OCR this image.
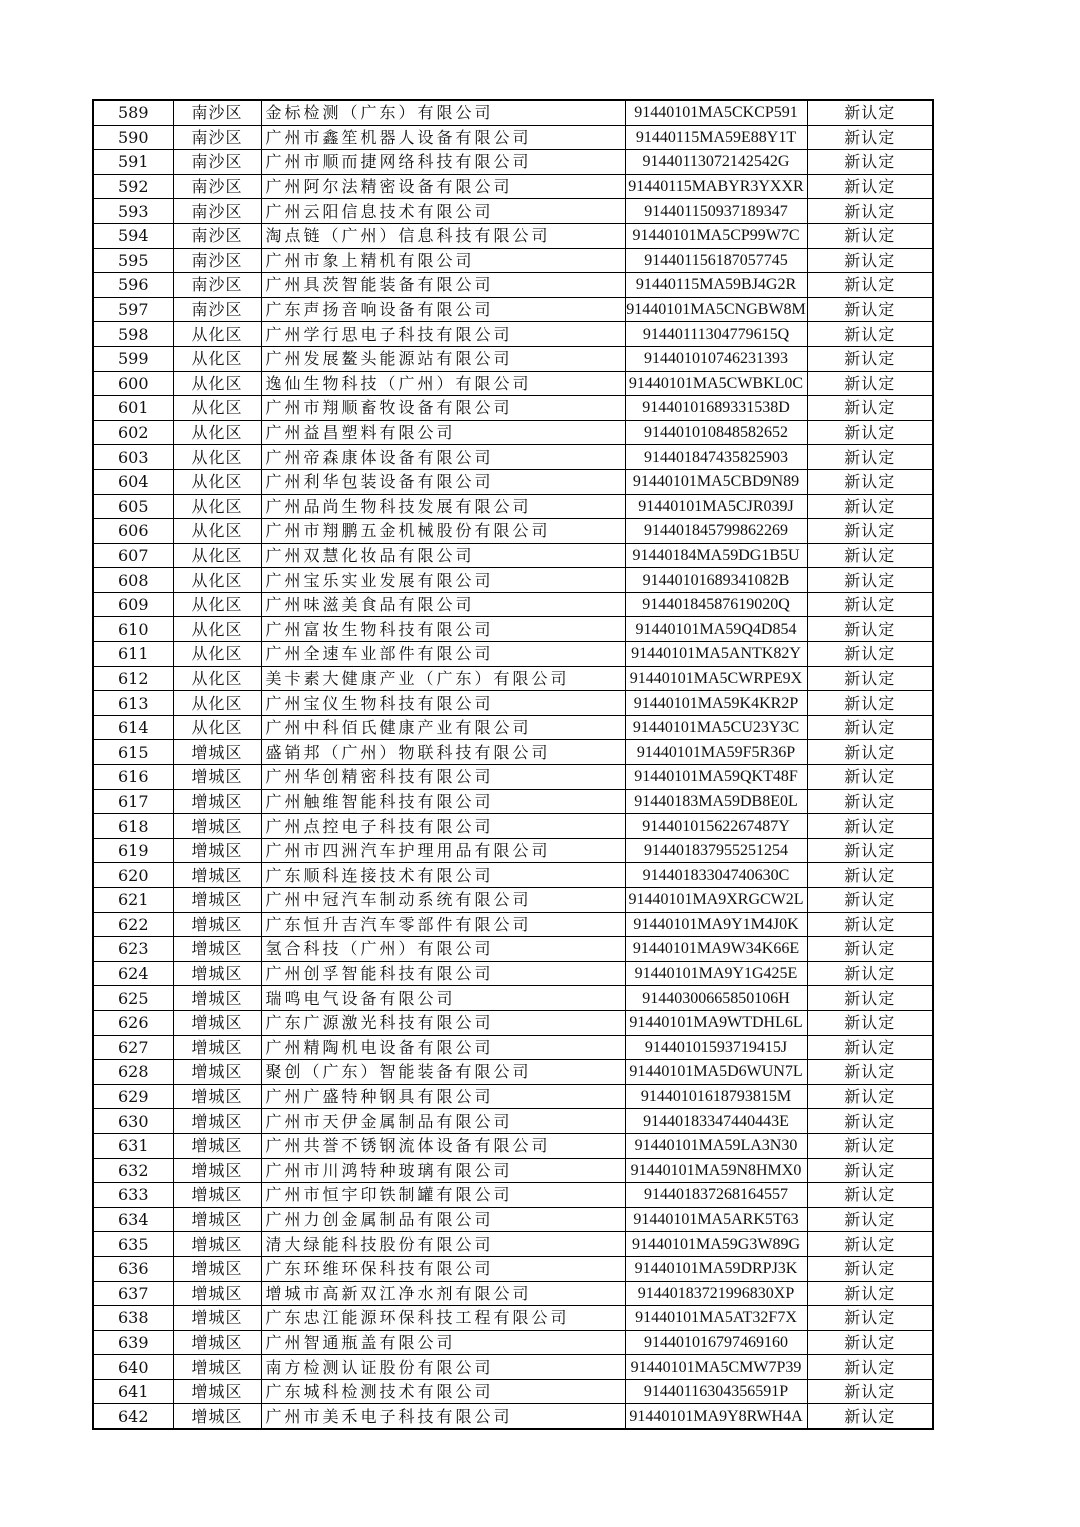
589	南沙区	金标检测（广东）有限公司	91440101MA5CKCP591	新认定
590	南沙区	广州市鑫笙机器人设备有限公司	91440115MA59E88Y1T	新认定
591	南沙区	广州市顺而捷网络科技有限公司	91440113072142542G	新认定
592	南沙区	广州阿尔法精密设备有限公司	91440115MABYR3YXXR	新认定
593	南沙区	广州云阳信息技术有限公司	914401150937189347	新认定
594	南沙区	淘点链（广州）信息科技有限公司	91440101MA5CP99W7C	新认定
595	南沙区	广州市象上精机有限公司	914401156187057745	新认定
596	南沙区	广州具茨智能装备有限公司	91440115MA59BJ4G2R	新认定
597	南沙区	广东声扬音响设备有限公司	91440101MA5CNGBW8M	新认定
598	从化区	广州学行思电子科技有限公司	91440111304779615Q	新认定
599	从化区	广州发展鳌头能源站有限公司	914401010746231393	新认定
600	从化区	逸仙生物科技（广州）有限公司	91440101MA5CWBKL0C	新认定
601	从化区	广州市翔顺畜牧设备有限公司	91440101689331538D	新认定
602	从化区	广州益昌塑料有限公司	914401010848582652	新认定
603	从化区	广州帝森康体设备有限公司	914401847435825903	新认定
604	从化区	广州利华包装设备有限公司	91440101MA5CBD9N89	新认定
605	从化区	广州品尚生物科技发展有限公司	91440101MA5CJR039J	新认定
606	从化区	广州市翔鹏五金机械股份有限公司	914401845799862269	新认定
607	从化区	广州双慧化妆品有限公司	91440184MA59DG1B5U	新认定
608	从化区	广州宝乐实业发展有限公司	91440101689341082B	新认定
609	从化区	广州味滋美食品有限公司	91440184587619020Q	新认定
610	从化区	广州富妆生物科技有限公司	91440101MA59Q4D854	新认定
611	从化区	广州全速车业部件有限公司	91440101MA5ANTK82Y	新认定
612	从化区	美卡素大健康产业（广东）有限公司	91440101MA5CWRPE9X	新认定
613	从化区	广州宝仪生物科技有限公司	91440101MA59K4KR2P	新认定
614	从化区	广州中科佰氏健康产业有限公司	91440101MA5CU23Y3C	新认定
615	增城区	盛销邦（广州）物联科技有限公司	91440101MA59F5R36P	新认定
616	增城区	广州华创精密科技有限公司	91440101MA59QKT48F	新认定
617	增城区	广州触维智能科技有限公司	91440183MA59DB8E0L	新认定
618	增城区	广州点控电子科技有限公司	91440101562267487Y	新认定
619	增城区	广州市四洲汽车护理用品有限公司	914401837955251254	新认定
620	增城区	广东顺科连接技术有限公司	91440183304740630C	新认定
621	增城区	广州中冠汽车制动系统有限公司	91440101MA9XRGCW2L	新认定
622	增城区	广东恒升吉汽车零部件有限公司	91440101MA9Y1M4J0K	新认定
623	增城区	氢合科技（广州）有限公司	91440101MA9W34K66E	新认定
624	增城区	广州创孚智能科技有限公司	91440101MA9Y1G425E	新认定
625	增城区	瑞鸣电气设备有限公司	91440300665850106H	新认定
626	增城区	广东广源激光科技有限公司	91440101MA9WTDHL6L	新认定
627	增城区	广州精陶机电设备有限公司	91440101593719415J	新认定
628	增城区	聚创（广东）智能装备有限公司	91440101MA5D6WUN7L	新认定
629	增城区	广州广盛特种钢具有限公司	91440101618793815M	新认定
630	增城区	广州市天伊金属制品有限公司	91440183347440443E	新认定
631	增城区	广州共誉不锈钢流体设备有限公司	91440101MA59LA3N30	新认定
632	增城区	广州市川鸿特种玻璃有限公司	91440101MA59N8HMX0	新认定
633	增城区	广州市恒宇印铁制罐有限公司	914401837268164557	新认定
634	增城区	广州力创金属制品有限公司	91440101MA5ARK5T63	新认定
635	增城区	清大绿能科技股份有限公司	91440101MA59G3W89G	新认定
636	增城区	广东环维环保科技有限公司	91440101MA59DRPJ3K	新认定
637	增城区	增城市高新双江净水剂有限公司	91440183721996830XP	新认定
638	增城区	广东忠江能源环保科技工程有限公司	91440101MA5AT32F7X	新认定
639	增城区	广州智通瓶盖有限公司	914401016797469160	新认定
640	增城区	南方检测认证股份有限公司	91440101MA5CMW7P39	新认定
641	增城区	广东城科检测技术有限公司	91440116304356591P	新认定
642	增城区	广州市美禾电子科技有限公司	91440101MA9Y8RWH4A	新认定
